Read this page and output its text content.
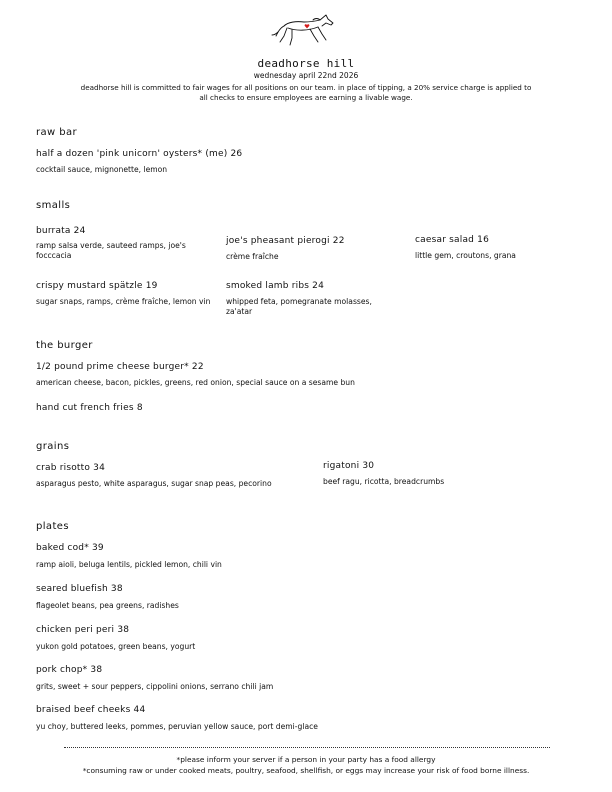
deadhorse hill
wednesday april 22nd 2026
deadhorse hill is committed to fair wages for all positions on our team. in place of tipping, a 20% service charge is applied to
all checks to ensure employees are earning a livable wage.
raw bar
half a dozen 'pink unicorn' oysters* (me) 26
cocktail sauce, mignonette, lemon
smalls
burrata 24
ramp salsa verde, sauteed ramps, joe's focccacia
joe's pheasant pierogi 22
crème fraîche
caesar salad 16
little gem, croutons, grana
crispy mustard spätzle 19
sugar snaps, ramps, crème fraîche, lemon vin
smoked lamb ribs 24
whipped feta, pomegranate molasses, za'atar
the burger
1/2 pound prime cheese burger* 22
american cheese, bacon, pickles, greens, red onion, special sauce on a sesame bun
hand cut french fries 8
grains
crab risotto 34
asparagus pesto, white asparagus, sugar snap peas, pecorino
rigatoni 30
beef ragu, ricotta, breadcrumbs
plates
baked cod* 39
ramp aioli, beluga lentils, pickled lemon, chili vin
seared bluefish 38
flageolet beans, pea greens, radishes
chicken peri peri 38
yukon gold potatoes, green beans, yogurt
pork chop* 38
grits, sweet + sour peppers, cippolini onions, serrano chili jam
braised beef cheeks 44
yu choy, buttered leeks, pommes, peruvian yellow sauce, port demi-glace
*please inform your server if a person in your party has a food allergy
*consuming raw or under cooked meats, poultry, seafood, shellfish, or eggs may increase your risk of food borne illness.
